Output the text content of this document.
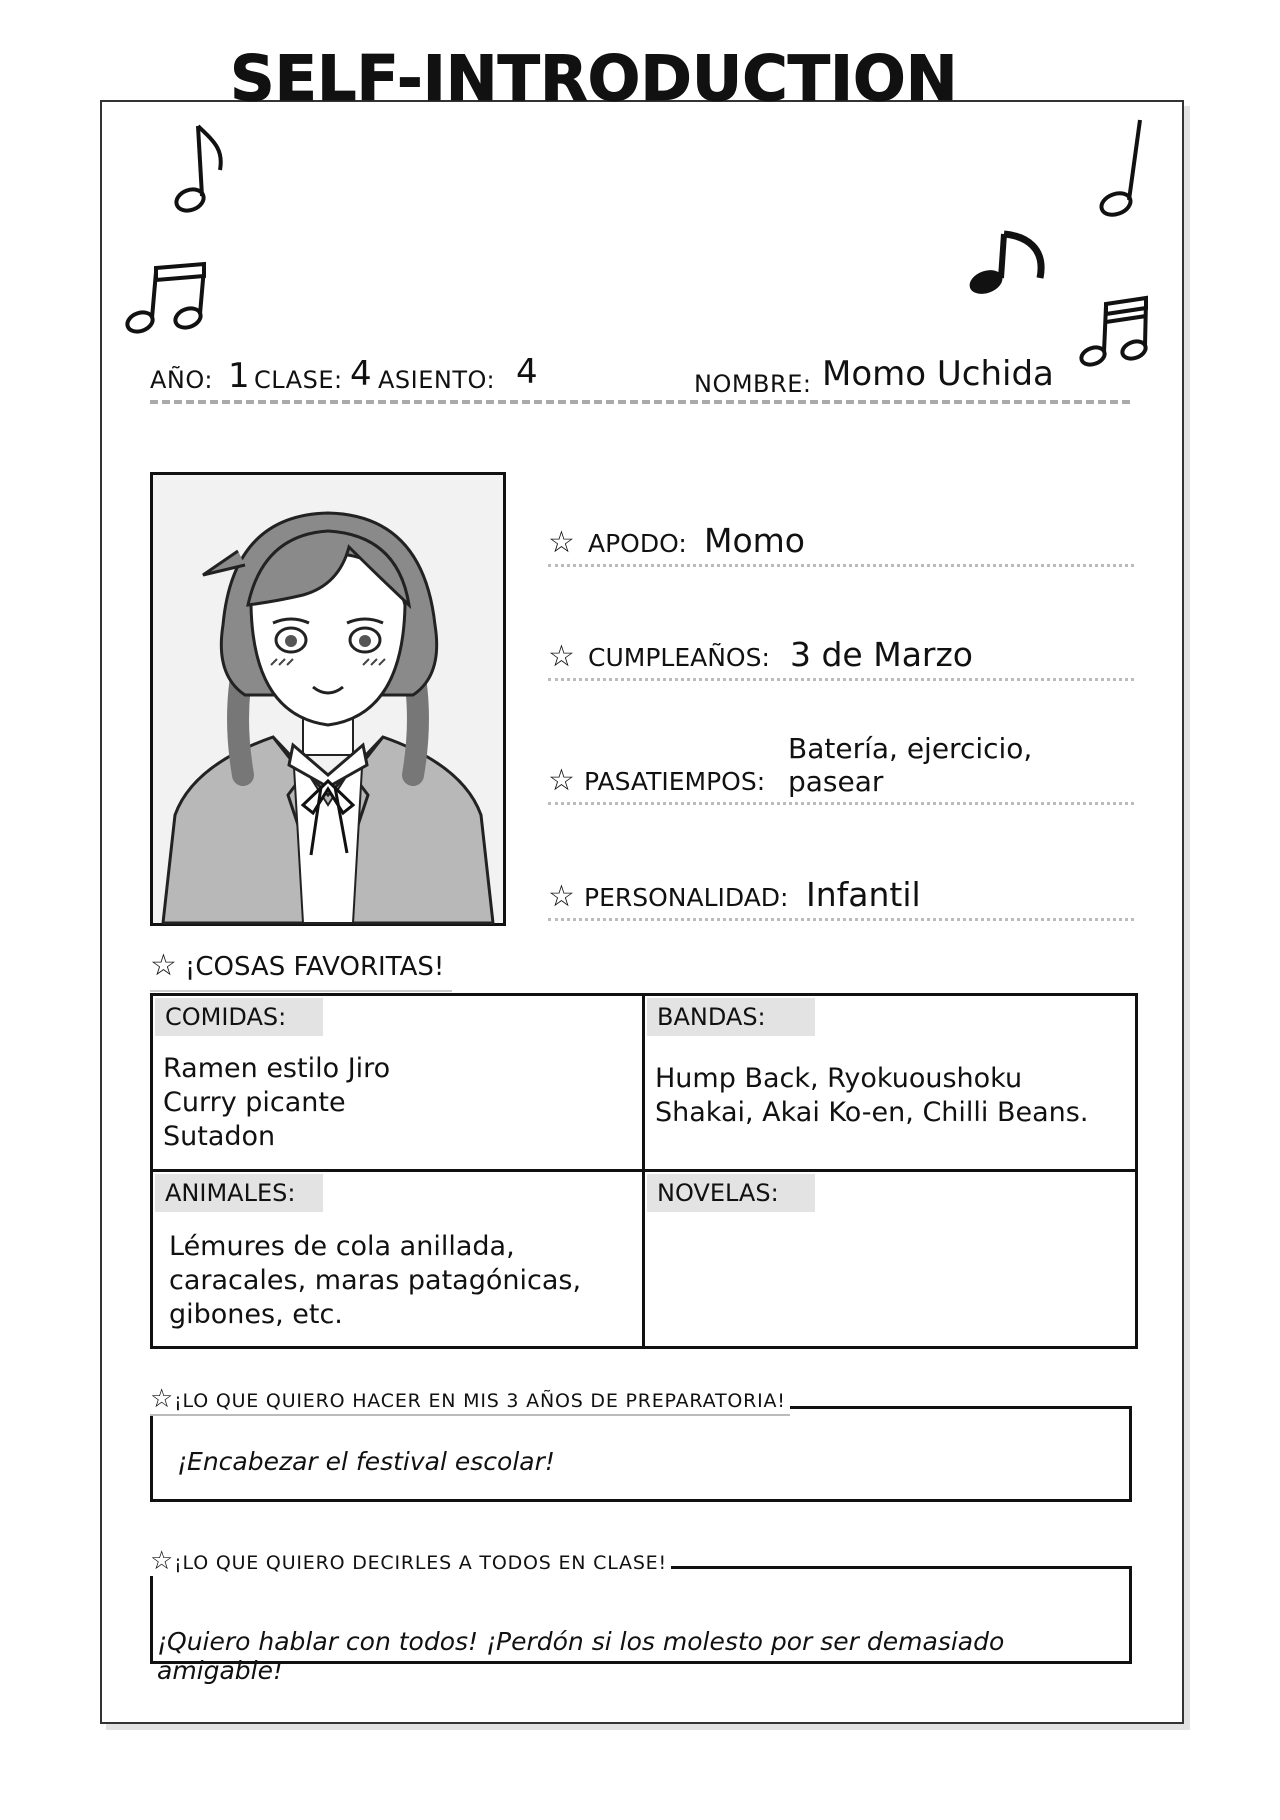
SELF-INTRODUCTION
AÑO: 1 CLASE: 4 ASIENTO: 4	NOMBRE: Momo Uchida
☆ APODO: Momo
☆ CUMPLEAÑOS: 3 de Marzo
☆ PASATIEMPOS:
Batería, ejercicio, pasear
☆ PERSONALIDAD: Infantil
☆ ¡COSAS FAVORITAS!
COMIDAS:
Ramen estilo Jiro
Curry picante
Sutadon
BANDAS:
Hump Back, Ryokuoushoku
Shakai, Akai Ko-en, Chilli Beans.
ANIMALES:
Lémures de cola anillada,
caracales, maras patagónicas,
gibones, etc.
NOVELAS:
¡Encabezar el festival escolar!
☆¡LO QUE QUIERO HACER EN MIS 3 AÑOS DE PREPARATORIA!
¡Quiero hablar con todos! ¡Perdón si los molesto por ser demasiado amigable!
☆¡LO QUE QUIERO DECIRLES A TODOS EN CLASE!
